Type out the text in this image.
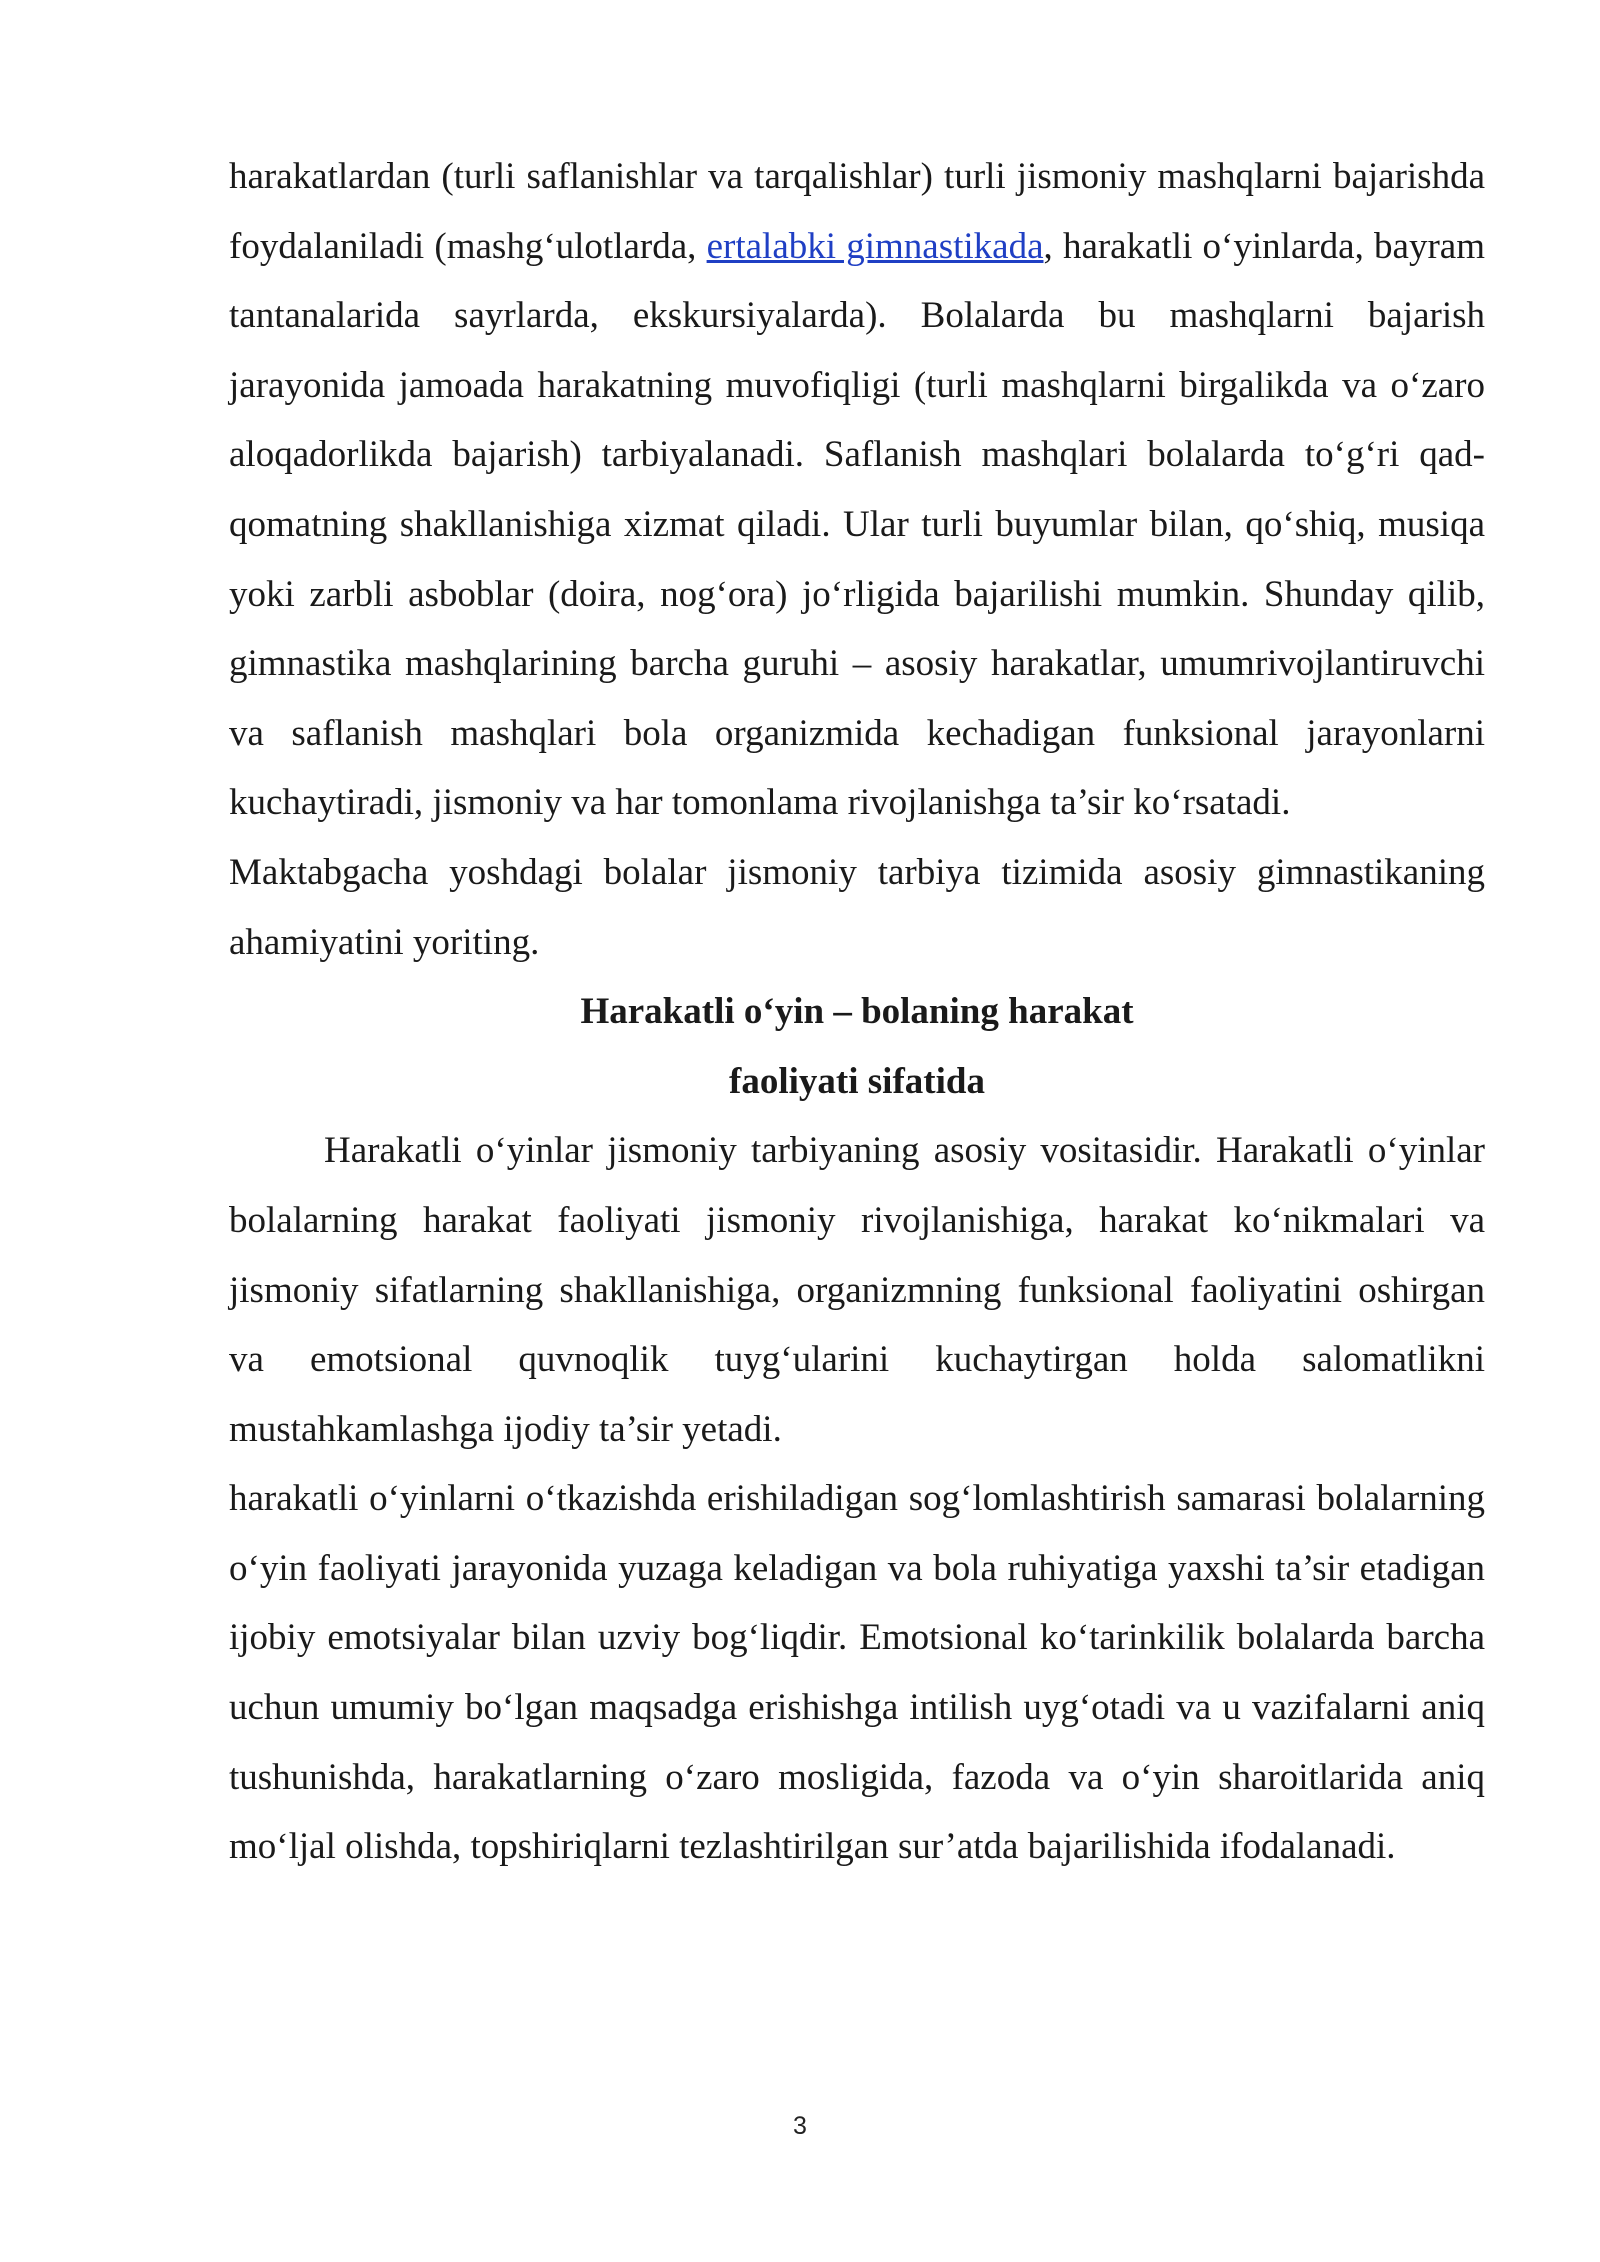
harakatlardan (turli saflanishlar va tarqalishlar) turli jismoniy mashqlarni bajarishda foydalaniladi (mashg‘ulotlarda, ertalabki gimnastikada, harakatli o‘yinlarda, bayram tantanalarida sayrlarda, ekskursiyalarda). Bolalarda bu mashqlarni bajarish jarayonida jamoada harakatning muvofiqligi (turli mashqlarni birgalikda va o‘zaro aloqadorlikda bajarish) tarbiyalanadi. Saflanish mashqlari bolalarda to‘g‘ri qad-qomatning shakllanishiga xizmat qiladi. Ular turli buyumlar bilan, qo‘shiq, musiqa yoki zarbli asboblar (doira, nog‘ora) jo‘rligida bajarilishi mumkin. Shunday qilib, gimnastika mashqlarining barcha guruhi – asosiy harakatlar, umumrivojlantiruvchi va saflanish mashqlari bola organizmida kechadigan funksional jarayonlarni kuchaytiradi, jismoniy va har tomonlama rivojlanishga ta’sir ko‘rsatadi.

Maktabgacha yoshdagi bolalar jismoniy tarbiya tizimida asosiy gimnastikaning ahamiyatini yoriting.

Harakatli o‘yin – bolaning harakat

faoliyati sifatida

Harakatli o‘yinlar jismoniy tarbiyaning asosiy vositasidir. Harakatli o‘yinlar bolalarning harakat faoliyati jismoniy rivojlanishiga, harakat ko‘nikmalari va jismoniy sifatlarning shakllanishiga, organizmning funksional faoliyatini oshirgan va emotsional quvnoqlik tuyg‘ularini kuchaytirgan holda salomatlikni mustahkamlashga ijodiy ta’sir yetadi.

harakatli o‘yinlarni o‘tkazishda erishiladigan sog‘lomlashtirish samarasi bolalarning o‘yin faoliyati jarayonida yuzaga keladigan va bola ruhiyatiga yaxshi ta’sir etadigan ijobiy emotsiyalar bilan uzviy bog‘liqdir. Emotsional ko‘tarinkilik bolalarda barcha uchun umumiy bo‘lgan maqsadga erishishga intilish uyg‘otadi va u vazifalarni aniq tushunishda, harakatlarning o‘zaro mosligida, fazoda va o‘yin sharoitlarida aniq mo‘ljal olishda, topshiriqlarni tezlashtirilgan sur’atda bajarilishida ifodalanadi.

3
